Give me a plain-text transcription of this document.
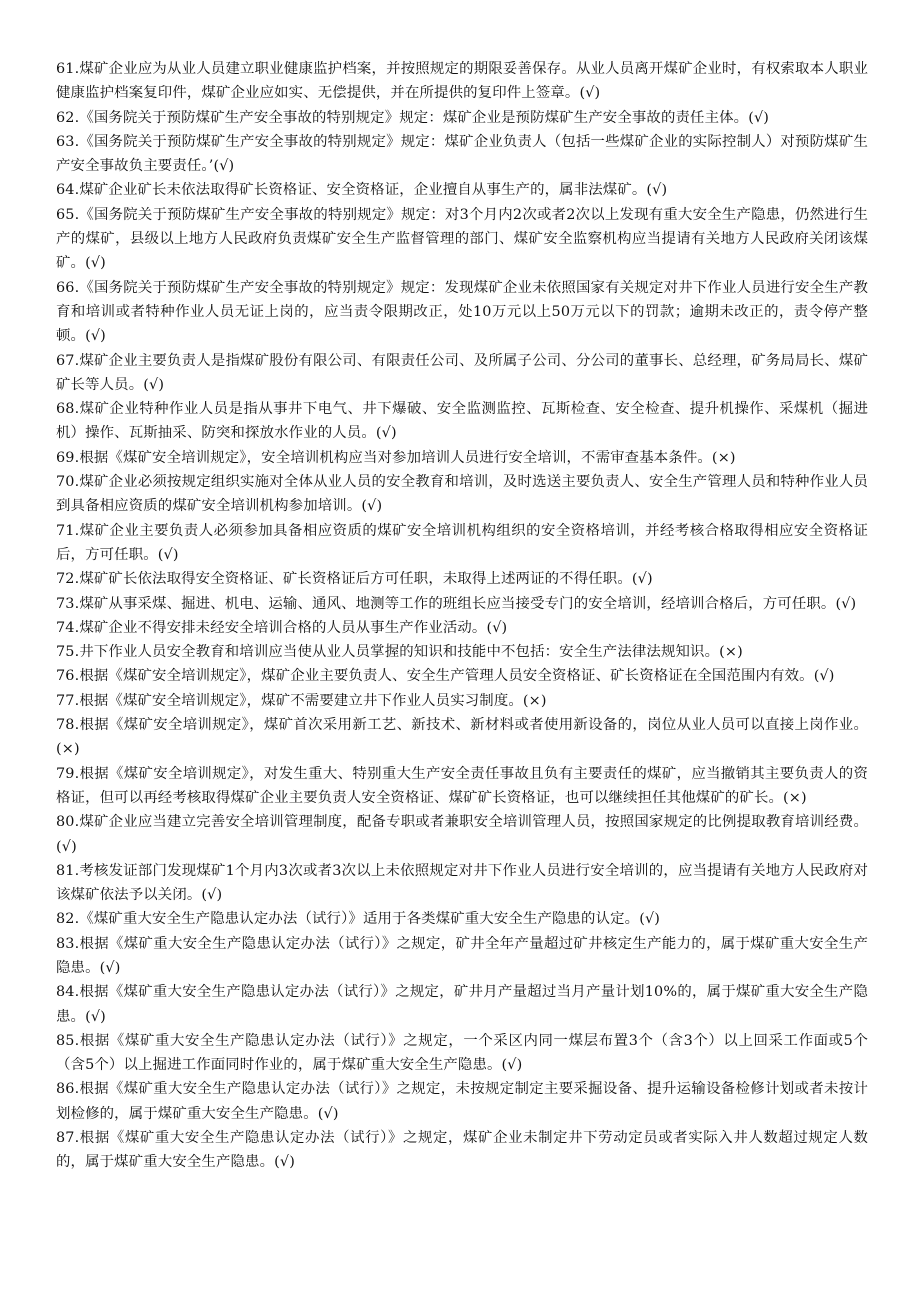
61.煤矿企业应为从业人员建立职业健康监护档案，并按照规定的期限妥善保存。从业人员离开煤矿企业时，有权索取本人职业健康监护档案复印件，煤矿企业应如实、无偿提供，并在所提供的复印件上签章。(√)

62.《国务院关于预防煤矿生产安全事故的特别规定》规定：煤矿企业是预防煤矿生产安全事故的责任主体。(√)

63.《国务院关于预防煤矿生产安全事故的特别规定》规定：煤矿企业负责人（包括一些煤矿企业的实际控制人）对预防煤矿生产安全事故负主要责任。’(√)

64.煤矿企业矿长未依法取得矿长资格证、安全资格证，企业擅自从事生产的，属非法煤矿。(√)

65.《国务院关于预防煤矿生产安全事故的特别规定》规定：对3个月内2次或者2次以上发现有重大安全生产隐患，仍然进行生产的煤矿，县级以上地方人民政府负责煤矿安全生产监督管理的部门、煤矿安全监察机构应当提请有关地方人民政府关闭该煤矿。(√)

66.《国务院关于预防煤矿生产安全事故的特别规定》规定：发现煤矿企业未依照国家有关规定对井下作业人员进行安全生产教育和培训或者特种作业人员无证上岗的，应当责令限期改正，处10万元以上50万元以下的罚款；逾期未改正的，责令停产整顿。(√)

67.煤矿企业主要负责人是指煤矿股份有限公司、有限责任公司、及所属子公司、分公司的董事长、总经理，矿务局局长、煤矿矿长等人员。(√)

68.煤矿企业特种作业人员是指从事井下电气、井下爆破、安全监测监控、瓦斯检查、安全检查、提升机操作、采煤机（掘进机）操作、瓦斯抽采、防突和探放水作业的人员。(√)

69.根据《煤矿安全培训规定》，安全培训机构应当对参加培训人员进行安全培训，不需审查基本条件。(×)

70.煤矿企业必须按规定组织实施对全体从业人员的安全教育和培训，及时选送主要负责人、安全生产管理人员和特种作业人员到具备相应资质的煤矿安全培训机构参加培训。(√)

71.煤矿企业主要负责人必须参加具备相应资质的煤矿安全培训机构组织的安全资格培训，并经考核合格取得相应安全资格证后，方可任职。(√)

72.煤矿矿长依法取得安全资格证、矿长资格证后方可任职，未取得上述两证的不得任职。(√)

73.煤矿从事采煤、掘进、机电、运输、通风、地测等工作的班组长应当接受专门的安全培训，经培训合格后，方可任职。(√)

74.煤矿企业不得安排未经安全培训合格的人员从事生产作业活动。(√)

75.井下作业人员安全教育和培训应当使从业人员掌握的知识和技能中不包括：安全生产法律法规知识。(×)

76.根据《煤矿安全培训规定》，煤矿企业主要负责人、安全生产管理人员安全资格证、矿长资格证在全国范围内有效。(√)

77.根据《煤矿安全培训规定》，煤矿不需要建立井下作业人员实习制度。(×)

78.根据《煤矿安全培训规定》，煤矿首次采用新工艺、新技术、新材料或者使用新设备的，岗位从业人员可以直接上岗作业。(×)

79.根据《煤矿安全培训规定》，对发生重大、特别重大生产安全责任事故且负有主要责任的煤矿，应当撤销其主要负责人的资格证，但可以再经考核取得煤矿企业主要负责人安全资格证、煤矿矿长资格证，也可以继续担任其他煤矿的矿长。(×)

80.煤矿企业应当建立完善安全培训管理制度，配备专职或者兼职安全培训管理人员，按照国家规定的比例提取教育培训经费。(√)

81.考核发证部门发现煤矿1个月内3次或者3次以上未依照规定对井下作业人员进行安全培训的，应当提请有关地方人民政府对该煤矿依法予以关闭。(√)

82.《煤矿重大安全生产隐患认定办法（试行）》适用于各类煤矿重大安全生产隐患的认定。(√)

83.根据《煤矿重大安全生产隐患认定办法（试行）》之规定，矿井全年产量超过矿井核定生产能力的，属于煤矿重大安全生产隐患。(√)

84.根据《煤矿重大安全生产隐患认定办法（试行）》之规定，矿井月产量超过当月产量计划10%的，属于煤矿重大安全生产隐患。(√)

85.根据《煤矿重大安全生产隐患认定办法（试行）》之规定，一个采区内同一煤层布置3个（含3个）以上回采工作面或5个（含5个）以上掘进工作面同时作业的，属于煤矿重大安全生产隐患。(√)

86.根据《煤矿重大安全生产隐患认定办法（试行）》之规定，未按规定制定主要采掘设备、提升运输设备检修计划或者未按计划检修的，属于煤矿重大安全生产隐患。(√)

87.根据《煤矿重大安全生产隐患认定办法（试行）》之规定，煤矿企业未制定井下劳动定员或者实际入井人数超过规定人数的，属于煤矿重大安全生产隐患。(√)
